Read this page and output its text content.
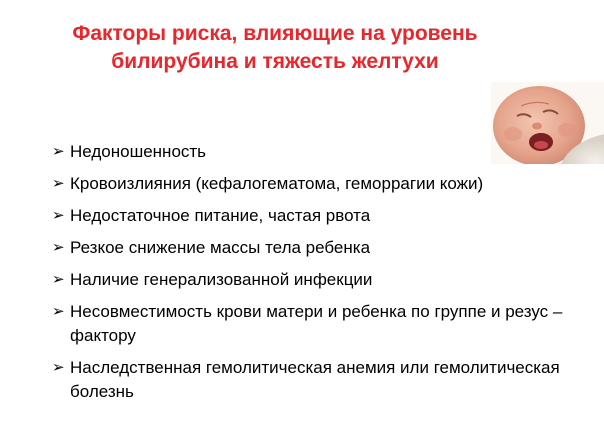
Факторы риска, влияющие на уровень
билирубина и тяжесть желтухи
➢ Недоношенность
➢ Кровоизлияния (кефалогематома, геморрагии кожи)
➢ Недостаточное питание, частая рвота
➢ Резкое снижение массы тела ребенка
➢ Наличие генерализованной инфекции
➢ Несовместимость крови матери и ребенка по группе и резус – фактору
➢ Наследственная гемолитическая анемия или гемолитическая болезнь
